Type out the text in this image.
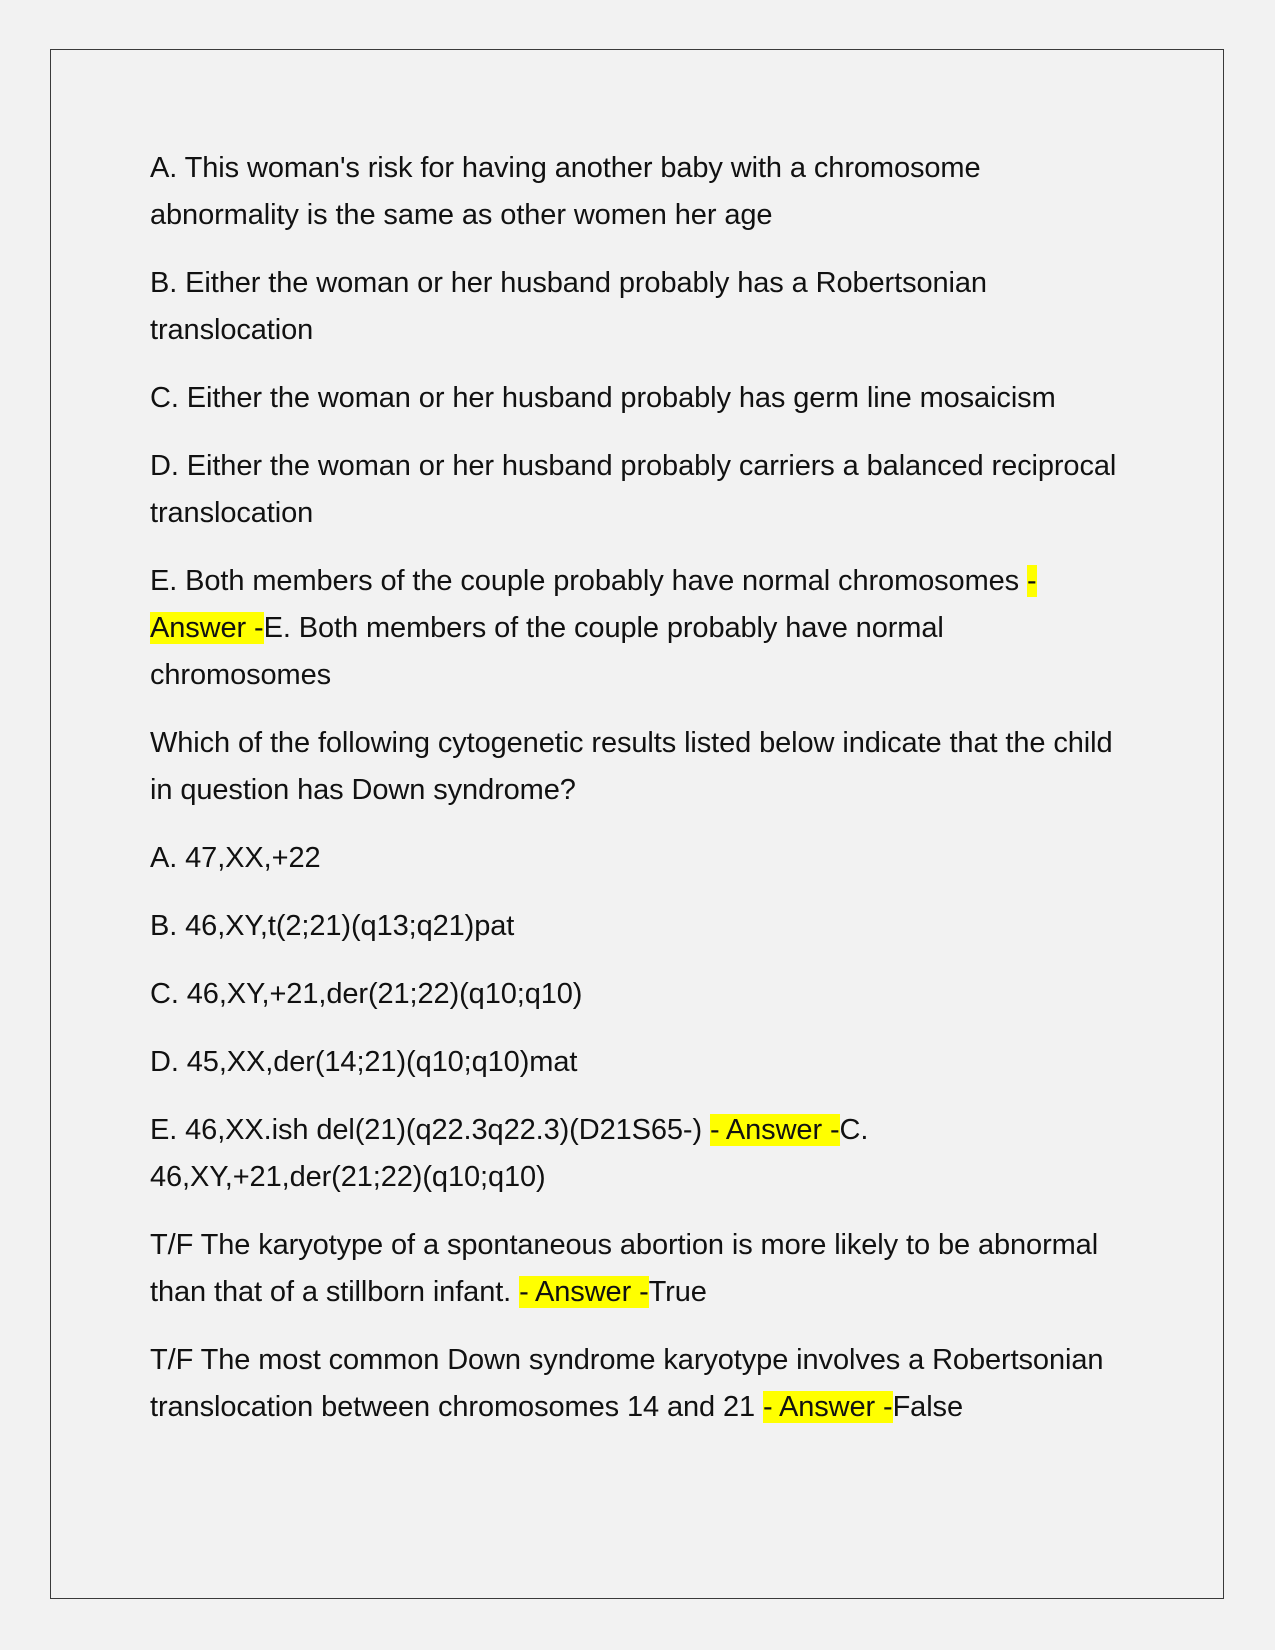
A. This woman's risk for having another baby with a chromosome abnormality is the same as other women her age

B. Either the woman or her husband probably has a Robertsonian translocation

C. Either the woman or her husband probably has germ line mosaicism

D. Either the woman or her husband probably carriers a balanced reciprocal translocation

E. Both members of the couple probably have normal chromosomes - Answer -E. Both members of the couple probably have normal chromosomes

Which of the following cytogenetic results listed below indicate that the child in question has Down syndrome?

A. 47,XX,+22

B. 46,XY,t(2;21)(q13;q21)pat

C. 46,XY,+21,der(21;22)(q10;q10)

D. 45,XX,der(14;21)(q10;q10)mat

E. 46,XX.ish del(21)(q22.3q22.3)(D21S65-) - Answer -C. 46,XY,+21,der(21;22)(q10;q10)

T/F The karyotype of a spontaneous abortion is more likely to be abnormal than that of a stillborn infant. - Answer -True

T/F The most common Down syndrome karyotype involves a Robertsonian translocation between chromosomes 14 and 21 - Answer -False
